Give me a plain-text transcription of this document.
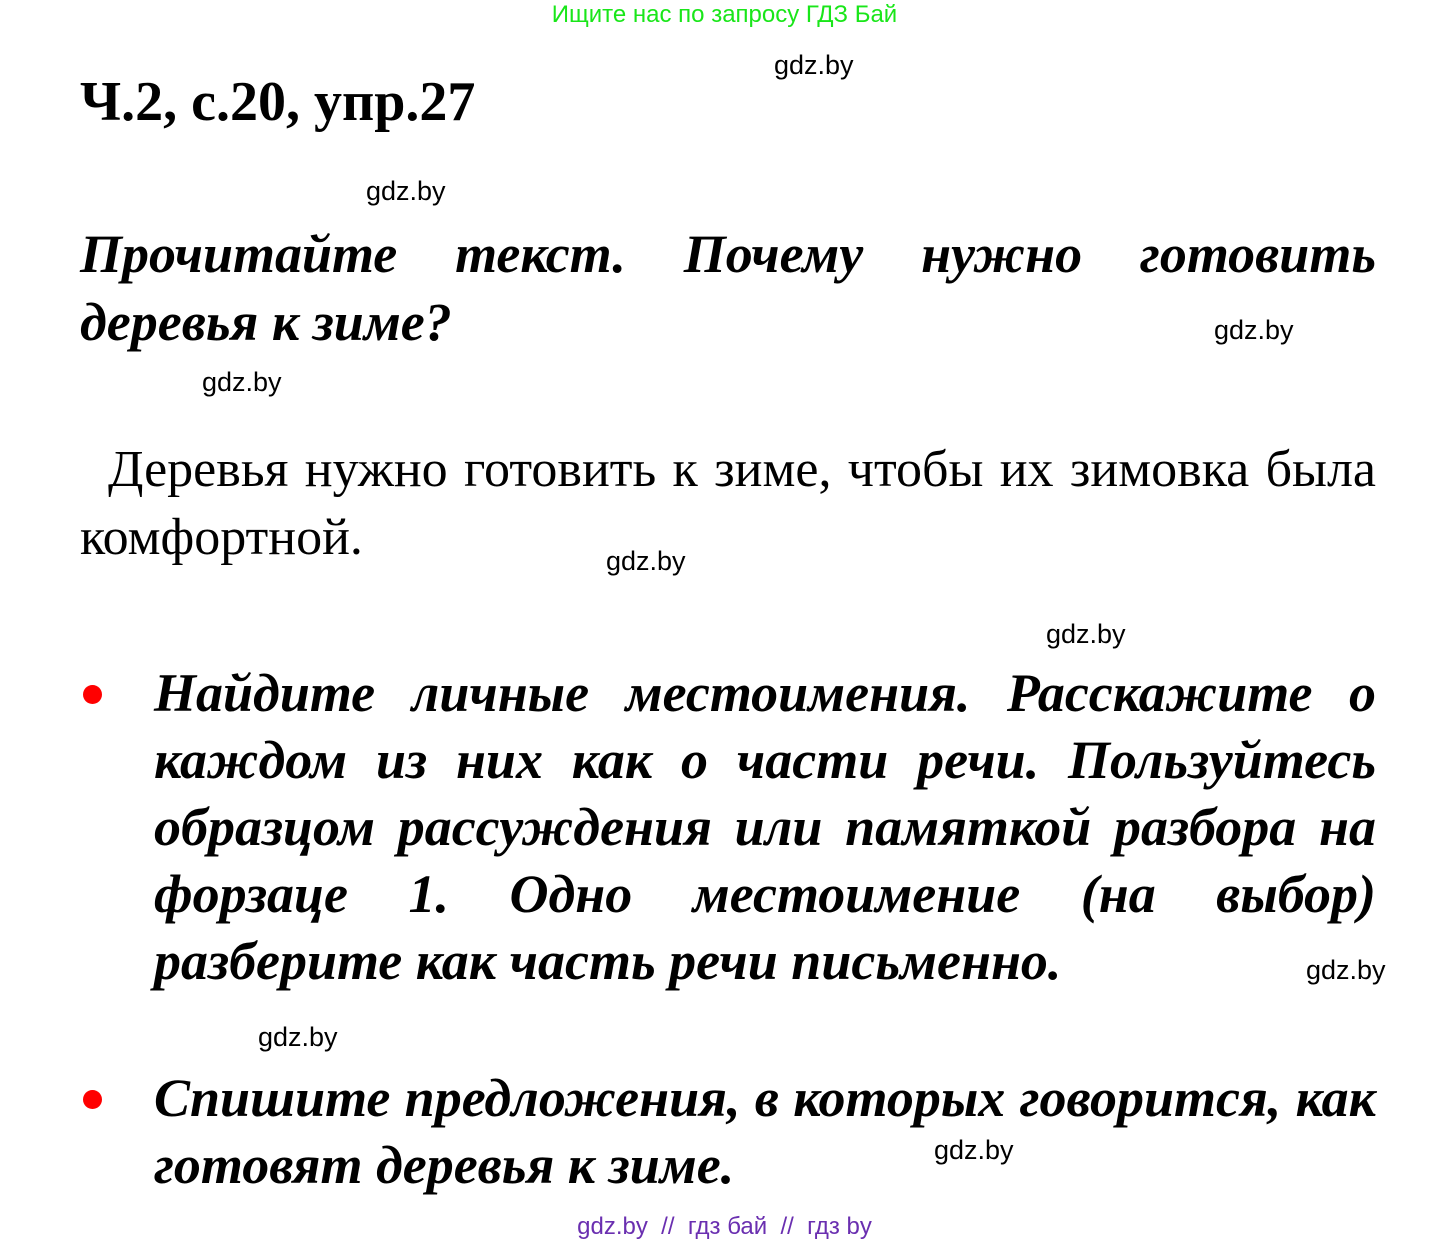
Ищите нас по запросу ГДЗ Бай
Ч.2, с.20, упр.27
Прочитайте текст. Почему нужно готовить деревья к зиме?
Деревья нужно готовить к зиме, чтобы их зимовка была комфортной.
Найдите личные местоимения. Расскажите о каждом из них как о части речи. Пользуйтесь образцом рассуждения или памяткой разбора на форзаце 1. Одно местоимение (на выбор) разберите как часть речи письменно.
Спишите предложения, в которых говорится, как готовят деревья к зиме.
gdz.by
gdz.by
gdz.by
gdz.by
gdz.by
gdz.by
gdz.by
gdz.by
gdz.by
gdz.by  //  гдз бай  //  гдз by
